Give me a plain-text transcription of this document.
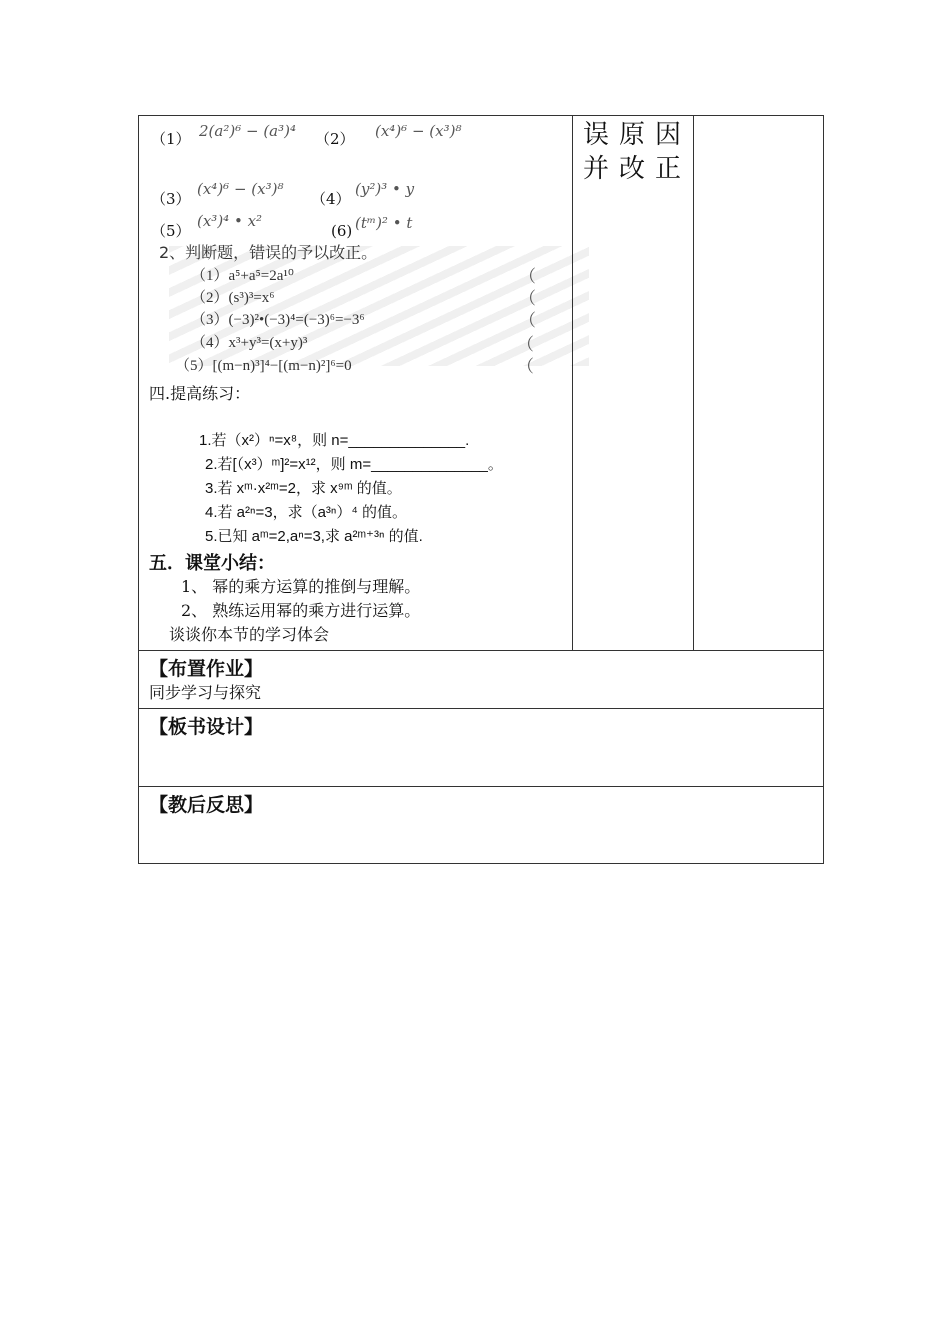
（1） 2(a²)⁶ − (a³)⁴ （2） (x⁴)⁶ − (x³)⁸
（3）
(x⁴)⁶ − (x³)⁸
（4）
(y²)³ • y
（5）
(x³)⁴ • x²
(6) (tᵐ)² • t
2、判断题，错误的予以改正。
（1）a⁵+a⁵=2a¹⁰
（2）(s³)³=x⁶
（3）(−3)²•(−3)⁴=(−3)⁶=−3⁶
（4）x³+y³=(x+y)³
（5）[(m−n)³]⁴−[(m−n)²]⁶=0
（
（
（
（
（
四.提高练习：
1.若（x²）ⁿ=x⁸，则 n=______________.
2.若[（x³）ᵐ]²=x¹²，则 m=______________。
3.若 xᵐ·x²ᵐ=2，求 x⁹ᵐ 的值。
4.若 a²ⁿ=3，求（a³ⁿ）⁴ 的值。
5.已知 aᵐ=2,aⁿ=3,求 a²ᵐ⁺³ⁿ 的值.
五．课堂小结：
1、 幂的乘方运算的推倒与理解。
2、 熟练运用幂的乘方进行运算。
谈谈你本节的学习体会
误原因并改正
【布置作业】
同步学习与探究
【板书设计】
【教后反思】
